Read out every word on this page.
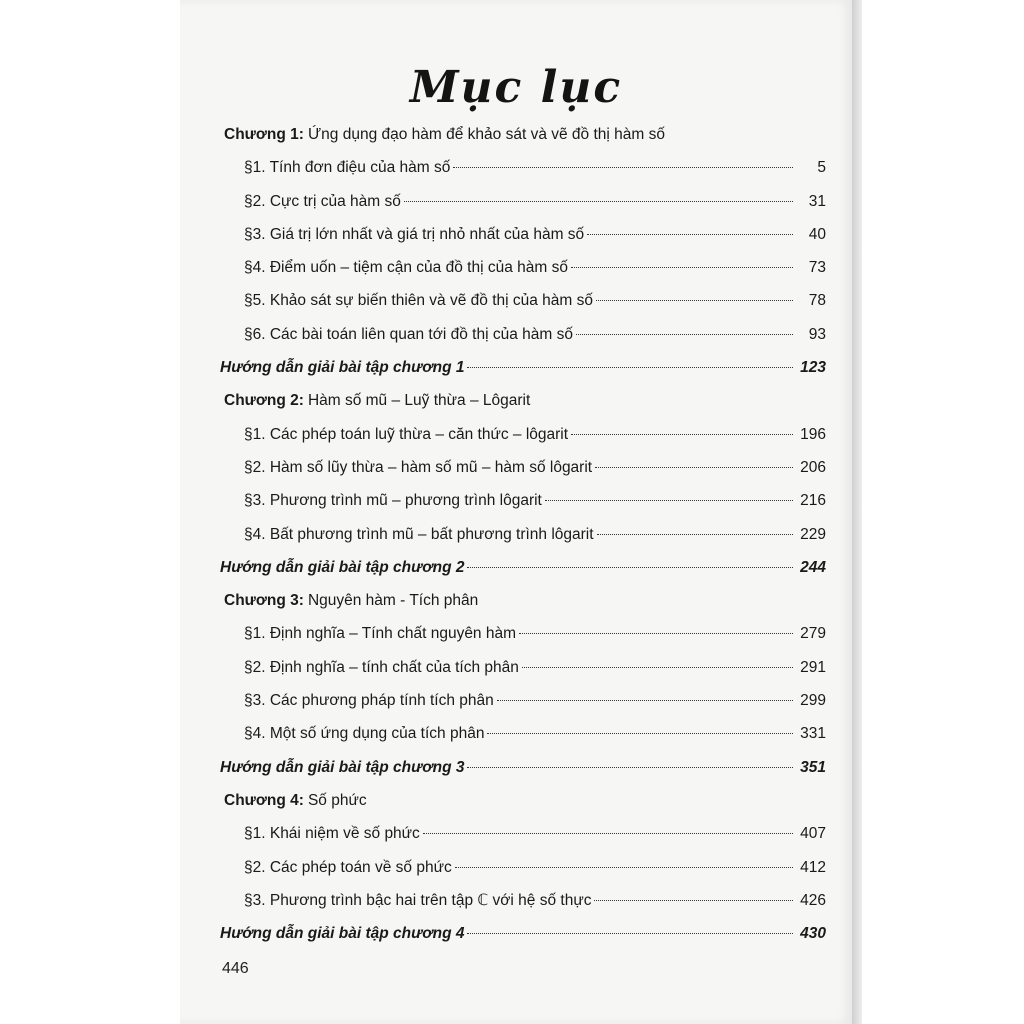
Mục lục
Chương 1: Ứng dụng đạo hàm để khảo sát và vẽ đồ thị hàm số
§1. Tính đơn điệu của hàm số	5
§2. Cực trị của hàm số	31
§3. Giá trị lớn nhất và giá trị nhỏ nhất của hàm số	40
§4. Điểm uốn – tiệm cận của đồ thị của hàm số	73
§5. Khảo sát sự biến thiên và vẽ đồ thị của hàm số	78
§6. Các bài toán liên quan tới đồ thị của hàm số	93
Hướng dẫn giải bài tập chương 1	123
Chương 2: Hàm số mũ – Luỹ thừa – Lôgarit
§1. Các phép toán luỹ thừa – căn thức – lôgarit	196
§2. Hàm số lũy thừa – hàm số mũ – hàm số lôgarit	206
§3. Phương trình mũ – phương trình lôgarit	216
§4. Bất phương trình mũ – bất phương trình lôgarit	229
Hướng dẫn giải bài tập chương 2	244
Chương 3: Nguyên hàm - Tích phân
§1. Định nghĩa – Tính chất nguyên hàm	279
§2. Định nghĩa – tính chất của tích phân	291
§3. Các phương pháp tính tích phân	299
§4. Một số ứng dụng của tích phân	331
Hướng dẫn giải bài tập chương 3	351
Chương 4: Số phức
§1. Khái niệm về số phức	407
§2. Các phép toán về số phức	412
§3. Phương trình bậc hai trên tập ℂ với hệ số thực	426
Hướng dẫn giải bài tập chương 4	430
446
